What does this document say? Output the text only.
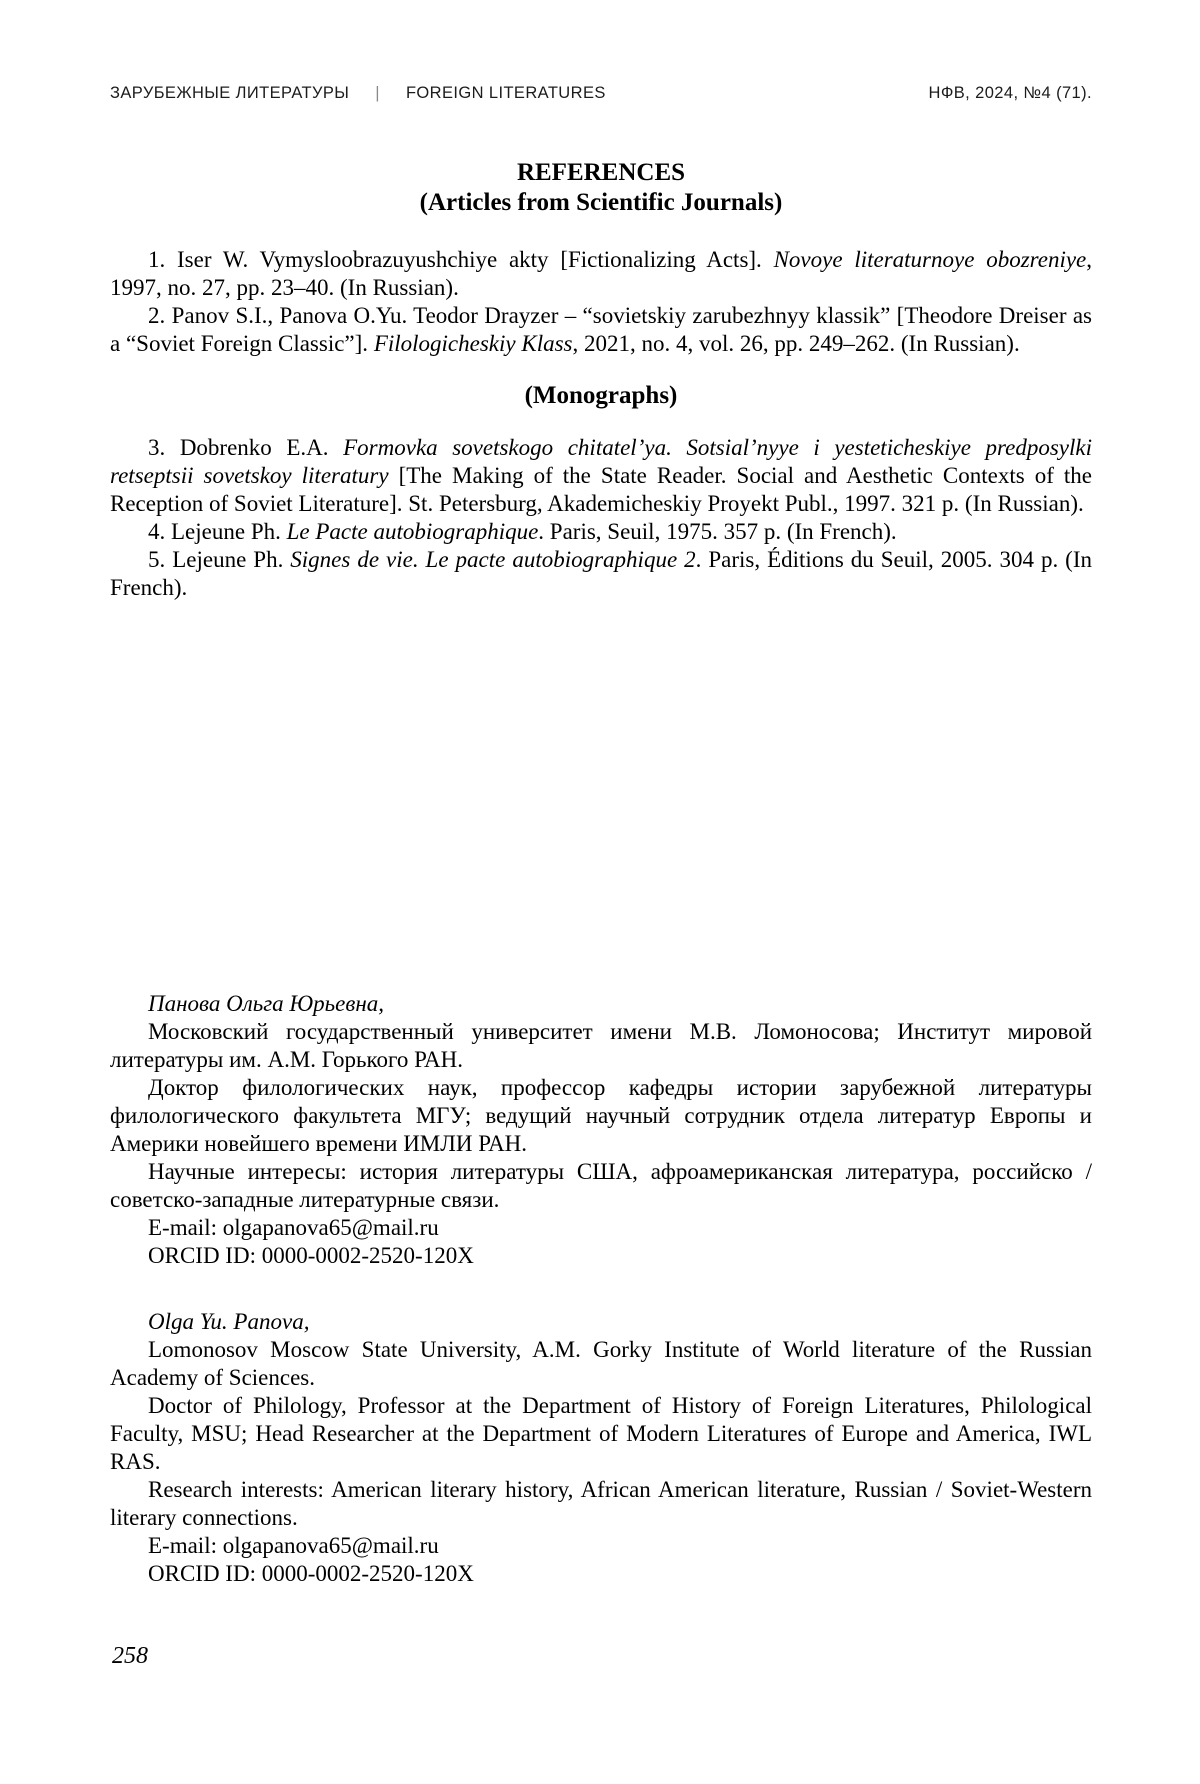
ЗАРУБЕЖНЫЕ ЛИТЕРАТУРЫ | FOREIGN LITERATURES	НФВ, 2024, №4 (71).
REFERENCES
(Articles from Scientific Journals)

1. Iser W. Vymysloobrazuyushchiye akty [Fictionalizing Acts]. Novoye literaturnoye obozreniye, 1997, no. 27, pp. 23–40. (In Russian).

2. Panov S.I., Panova O.Yu. Teodor Drayzer – “sovietskiy zarubezhnyy klassik” [Theodore Dreiser as a “Soviet Foreign Classic”]. Filologicheskiy Klass, 2021, no. 4, vol. 26, pp. 249–262. (In Russian).

(Monographs)

3. Dobrenko E.A. Formovka sovetskogo chitatel’ya. Sotsial’nyye i yesteticheskiye predposylki retseptsii sovetskoy literatury [The Making of the State Reader. Social and Aesthetic Contexts of the Reception of Soviet Literature]. St. Petersburg, Akademicheskiy Proyekt Publ., 1997. 321 p. (In Russian).

4. Lejeune Ph. Le Pacte autobiographique. Paris, Seuil, 1975. 357 p. (In French).

5. Lejeune Ph. Signes de vie. Le pacte autobiographique 2. Paris, Éditions du Seuil, 2005. 304 p. (In French).

Панова Ольга Юрьевна,

Московский государственный университет имени М.В. Ломоносова; Институт мировой литературы им. А.М. Горького РАН.

Доктор филологических наук, профессор кафедры истории зарубежной литературы филологического факультета МГУ; ведущий научный сотрудник отдела литератур Европы и Америки новейшего времени ИМЛИ РАН.

Научные интересы: история литературы США, афроамериканская литература, российско / советско-западные литературные связи.

E-mail: olgapanova65@mail.ru

ORCID ID: 0000-0002-2520-120X

Olga Yu. Panova,

Lomonosov Moscow State University, A.M. Gorky Institute of World literature of the Russian Academy of Sciences.

Doctor of Philology, Professor at the Department of History of Foreign Literatures, Philological Faculty, MSU; Head Researcher at the Department of Modern Literatures of Europe and America, IWL RAS.

Research interests: American literary history, African American literature, Russian / Soviet-Western literary connections.

E-mail: olgapanova65@mail.ru

ORCID ID: 0000-0002-2520-120X

258
